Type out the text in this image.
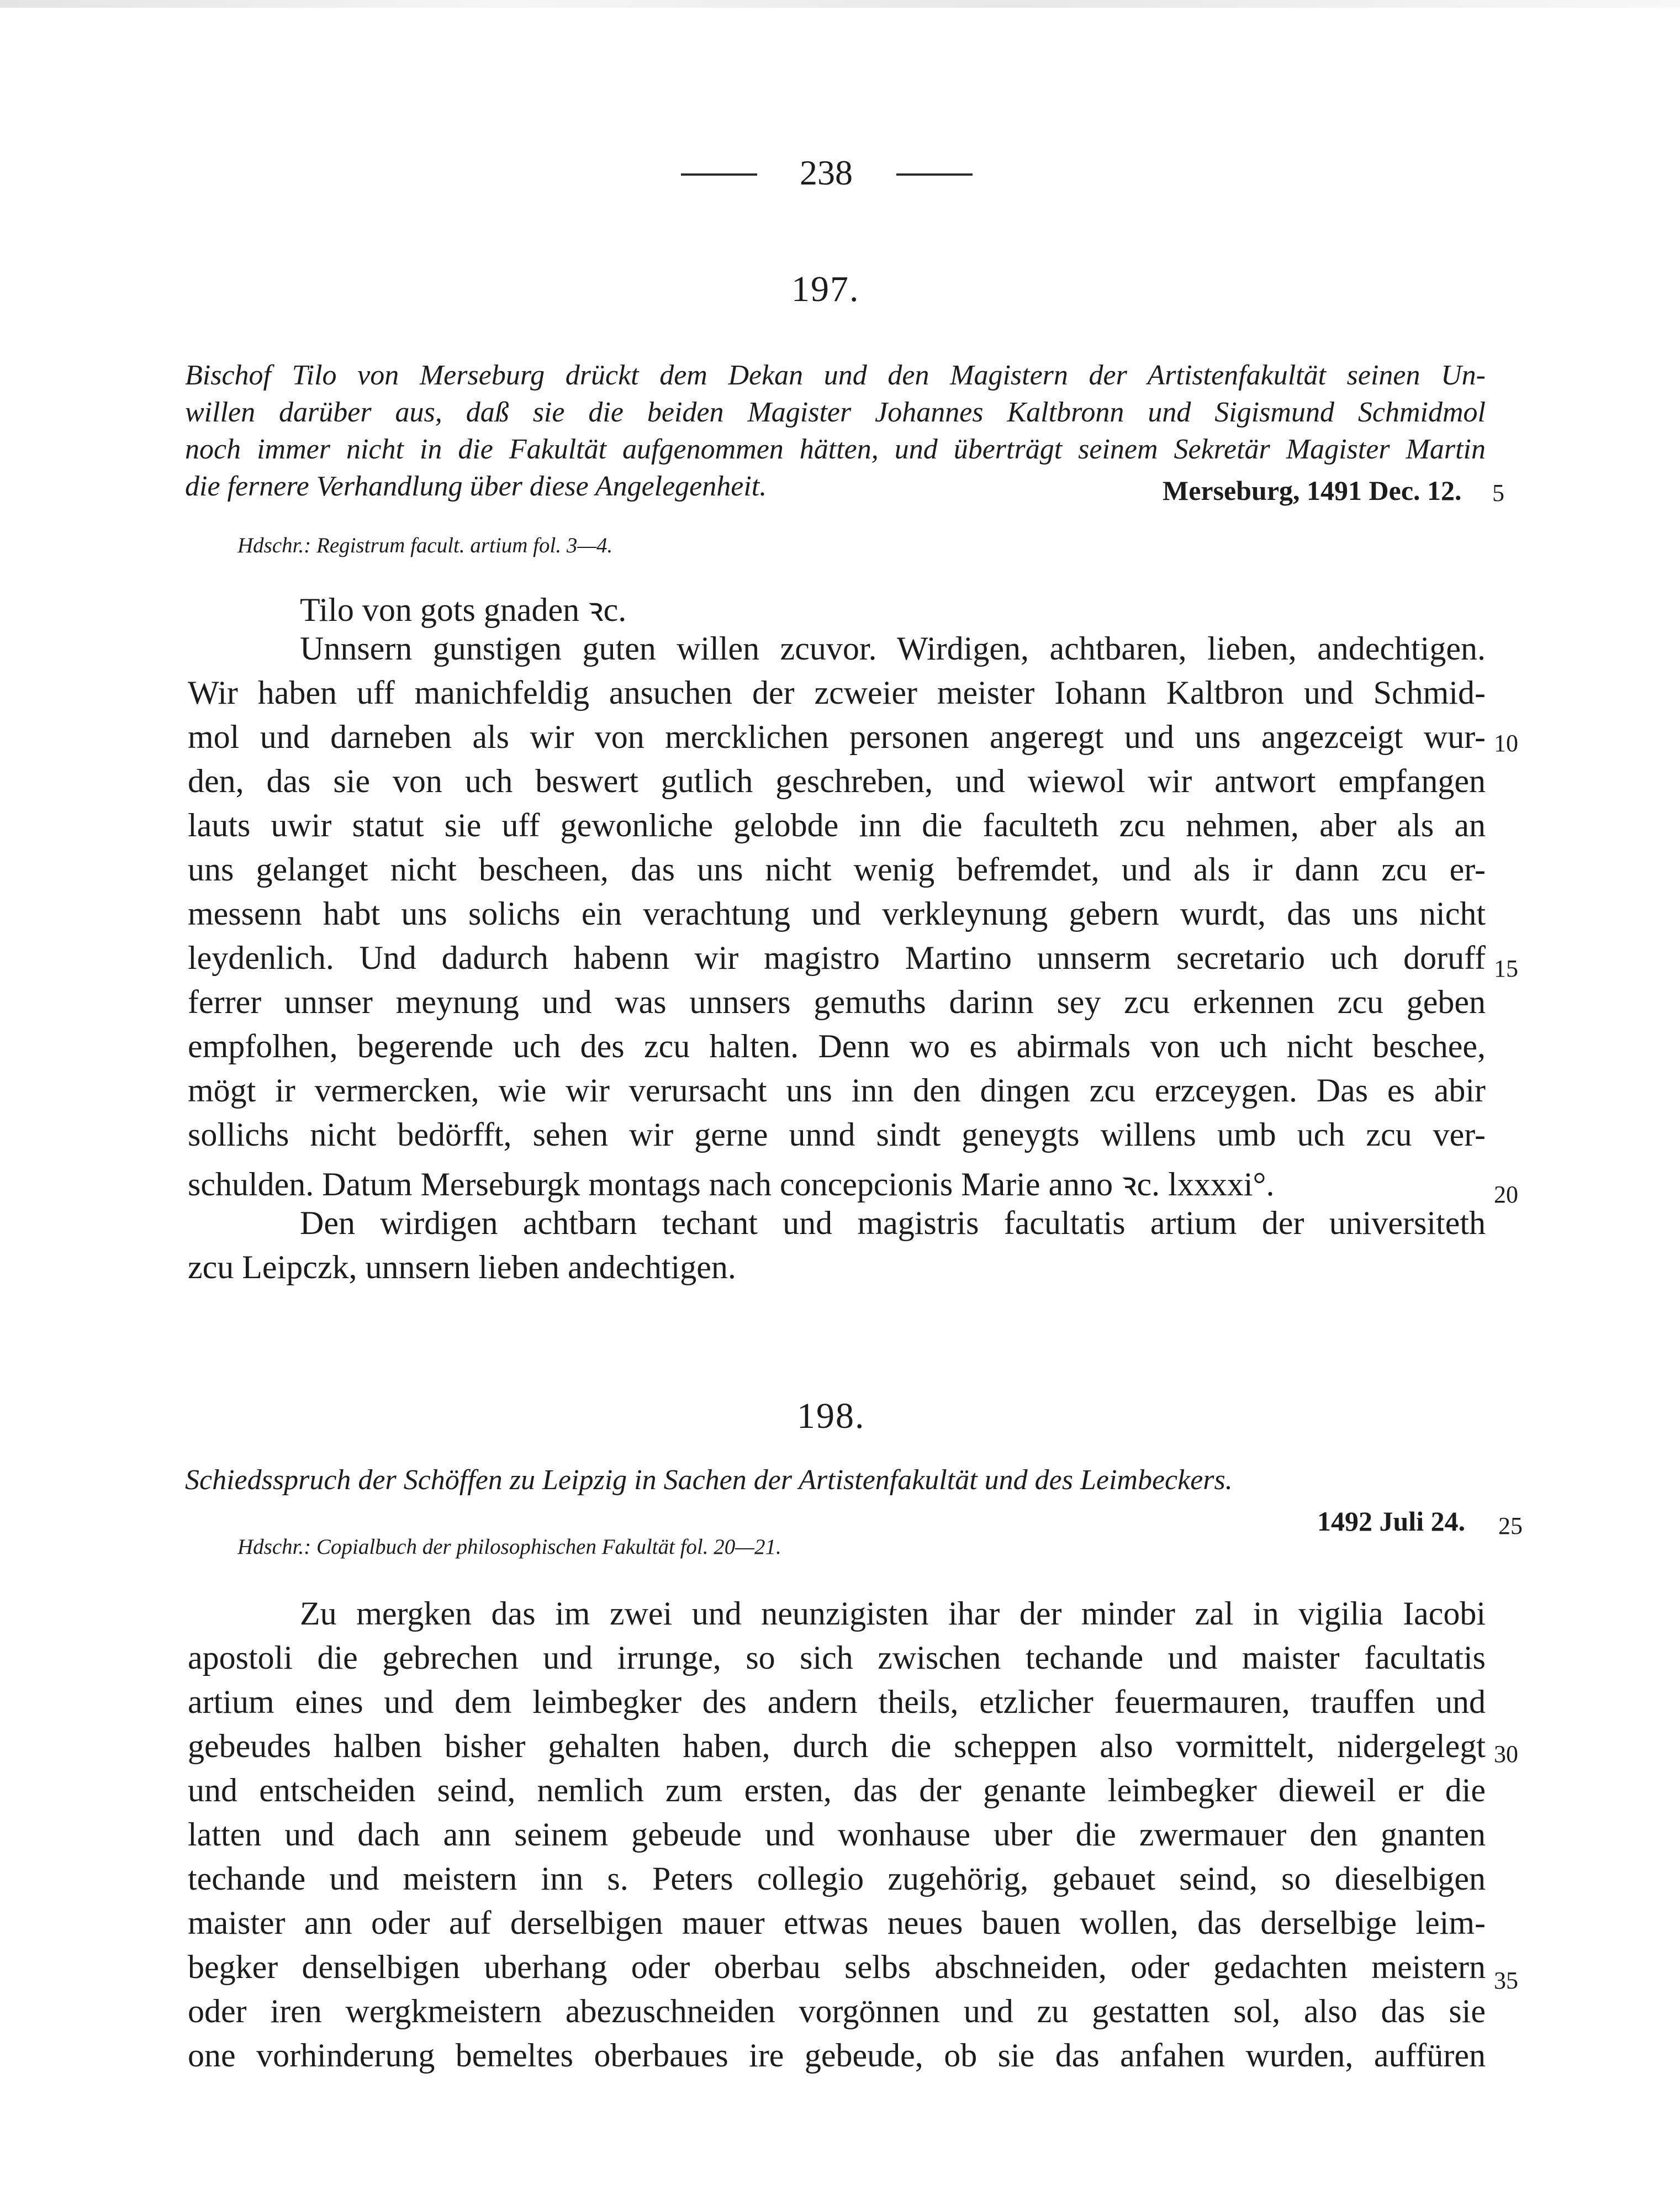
238
197.
Bischof Tilo von Merseburg drückt dem Dekan und den Magistern der Artistenfakultät seinen Un-
willen darüber aus, daß sie die beiden Magister Johannes Kaltbronn und Sigismund Schmidmol
noch immer nicht in die Fakultät aufgenommen hätten, und überträgt seinem Sekretär Magister Martin
die fernere Verhandlung über diese Angelegenheit.	Merseburg, 1491 Dec. 12. 5
Hdschr.: Registrum facult. artium fol. 3—4.
Tilo von gots gnaden ꝛc.
Unnsern gunstigen guten willen zcuvor. Wirdigen, achtbaren, lieben, andechtigen.
Wir haben uff manichfeldig ansuchen der zcweier meister Iohann Kaltbron und Schmid-
mol und darneben als wir von mercklichen personen angeregt und uns angezceigt wur- 10
den, das sie von uch beswert gutlich geschreben, und wiewol wir antwort empfangen
lauts uwir statut sie uff gewonliche gelobde inn die faculteth zcu nehmen, aber als an
uns gelanget nicht bescheen, das uns nicht wenig befremdet, und als ir dann zcu er-
messenn habt uns solichs ein verachtung und verkleynung gebern wurdt, das uns nicht
leydenlich. Und dadurch habenn wir magistro Martino unnserm secretario uch doruff 15
ferrer unnser meynung und was unnsers gemuths darinn sey zcu erkennen zcu geben
empfolhen, begerende uch des zcu halten. Denn wo es abirmals von uch nicht beschee,
mögt ir vermercken, wie wir verursacht uns inn den dingen zcu erzceygen. Das es abir
sollichs nicht bedörfft, sehen wir gerne unnd sindt geneygts willens umb uch zcu ver-
schulden. Datum Merseburgk montags nach concepcionis Marie anno ꝛc. lxxxxi°.	20
Den wirdigen achtbarn techant und magistris facultatis artium der universiteth
zcu Leipczk, unnsern lieben andechtigen.
198.
Schiedsspruch der Schöffen zu Leipzig in Sachen der Artistenfakultät und des Leimbeckers.
1492 Juli 24. 25
Hdschr.: Copialbuch der philosophischen Fakultät fol. 20—21.
Zu mergken das im zwei und neunzigisten ihar der minder zal in vigilia Iacobi
apostoli die gebrechen und irrunge, so sich zwischen techande und maister facultatis
artium eines und dem leimbegker des andern theils, etzlicher feuermauren, trauffen und
gebeudes halben bisher gehalten haben, durch die scheppen also vormittelt, nidergelegt 30
und entscheiden seind, nemlich zum ersten, das der genante leimbegker dieweil er die
latten und dach ann seinem gebeude und wonhause uber die zwermauer den gnanten
techande und meistern inn s. Peters collegio zugehörig, gebauet seind, so dieselbigen
maister ann oder auf derselbigen mauer ettwas neues bauen wollen, das derselbige leim-
begker denselbigen uberhang oder oberbau selbs abschneiden, oder gedachten meistern 35
oder iren wergkmeistern abezuschneiden vorgönnen und zu gestatten sol, also das sie
one vorhinderung bemeltes oberbaues ire gebeude, ob sie das anfahen wurden, auffüren
